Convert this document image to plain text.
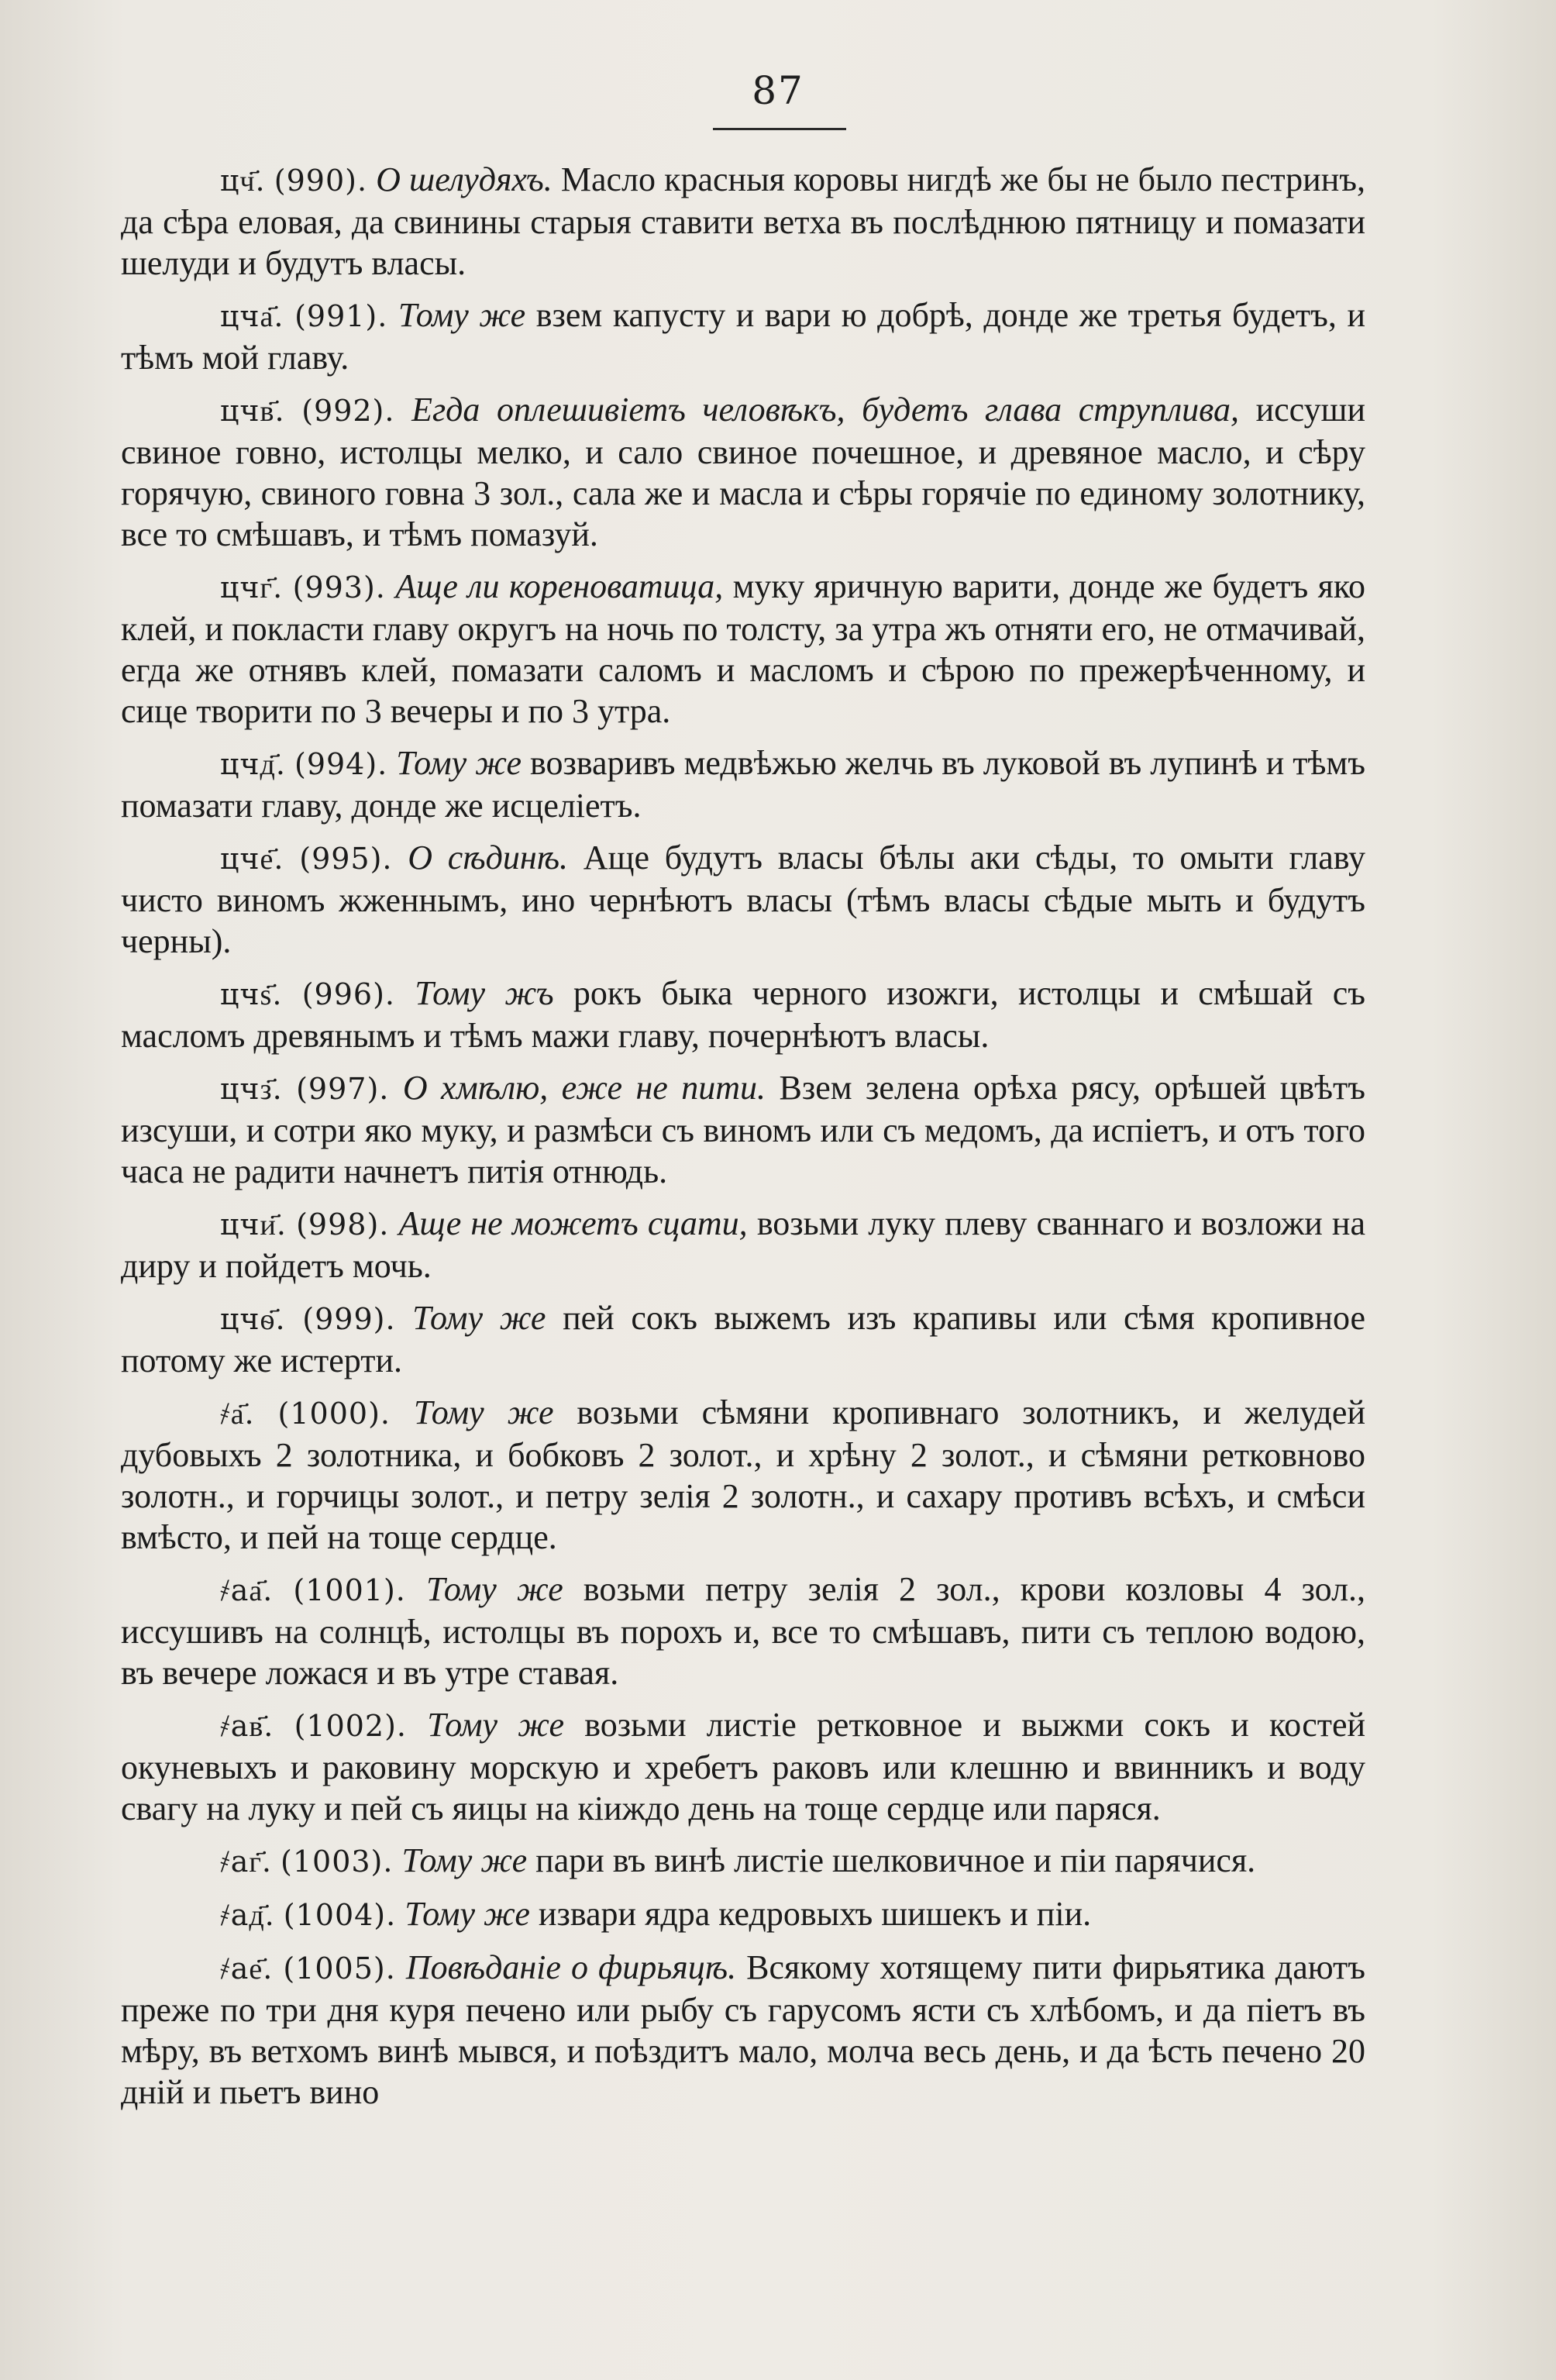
87

цч҃. (990). О шелудяхъ. Масло красныя коровы нигдѣ же бы не было пестринъ, да сѣра еловая, да свинины старыя ставити ветха въ послѣднюю пятницу и помазати шелуди и будутъ власы.

цча҃. (991). Тому же взем капусту и вари ю добрѣ, донде же третья будетъ, и тѣмъ мой главу.

цчв҃. (992). Егда оплешивіетъ человѣкъ, будетъ глава струплива, иссуши свиное говно, истолцы мелко, и сало свиное почешное, и древяное масло, и сѣру горячую, свиного говна 3 зол., сала же и масла и сѣры горячіе по единому золотнику, все то смѣшавъ, и тѣмъ помазуй.

цчг҃. (993). Аще ли кореноватица, муку яричную варити, донде же будетъ яко клей, и покласти главу округъ на ночь по толсту, за утра жъ отняти его, не отмачивай, егда же отнявъ клей, помазати саломъ и масломъ и сѣрою по прежерѣченному, и сице творити по 3 вечеры и по 3 утра.

цчд҃. (994). Тому же возваривъ медвѣжью желчь въ луковой въ лупинѣ и тѣмъ помазати главу, донде же исцеліетъ.

цче҃. (995). О сѣдинѣ. Аще будутъ власы бѣлы аки сѣды, то омыти главу чисто виномъ жженнымъ, ино чернѣютъ власы (тѣмъ власы сѣдые мыть и будутъ черны).

цчѕ҃. (996). Тому жъ рокъ быка черного изожги, истолцы и смѣшай съ масломъ древянымъ и тѣмъ мажи главу, почернѣютъ власы.

цчз҃. (997). О хмѣлю, еже не пити. Взем зелена орѣха рясу, орѣшей цвѣтъ изсуши, и сотри яко муку, и размѣси съ виномъ или съ медомъ, да испіетъ, и отъ того часа не радити начнетъ питія отнюдь.

цчи҃. (998). Аще не можетъ сцати, возьми луку плеву сваннаго и возложи на диру и пойдетъ мочь.

цчѳ҃. (999). Тому же пей сокъ выжемъ изъ крапивы или сѣмя кропивное потому же истерти.

҂а҃. (1000). Тому же возьми сѣмяни кропивнаго золотникъ, и желудей дубовыхъ 2 золотника, и бобковъ 2 золот., и хрѣну 2 золот., и сѣмяни ретковново золотн., и горчицы золот., и петру зелія 2 золотн., и сахару противъ всѣхъ, и смѣси вмѣсто, и пей на тоще сердце.

҂аа҃. (1001). Тому же возьми петру зелія 2 зол., крови козловы 4 зол., иссушивъ на солнцѣ, истолцы въ порохъ и, все то смѣшавъ, пити съ теплою водою, въ вечере ложася и въ утре ставая.

҂ав҃. (1002). Тому же возьми листіе ретковное и выжми сокъ и костей окуневыхъ и раковину морскую и хребетъ раковъ или клешню и ввинникъ и воду свагу на луку и пей съ яицы на кіиждо день на тоще сердце или паряся.

҂аг҃. (1003). Тому же пари въ винѣ листіе шелковичное и піи парячися.

҂ад҃. (1004). Тому же извари ядра кедровыхъ шишекъ и піи.

҂ае҃. (1005). Повѣданіе о фирьяцѣ. Всякому хотящему пити фирьятика даютъ преже по три дня куря печено или рыбу съ гарусомъ ясти съ хлѣбомъ, и да піетъ въ мѣру, въ ветхомъ винѣ мывся, и поѣздитъ мало, молча весь день, и да ѣсть печено 20 днiй и пьетъ вино
